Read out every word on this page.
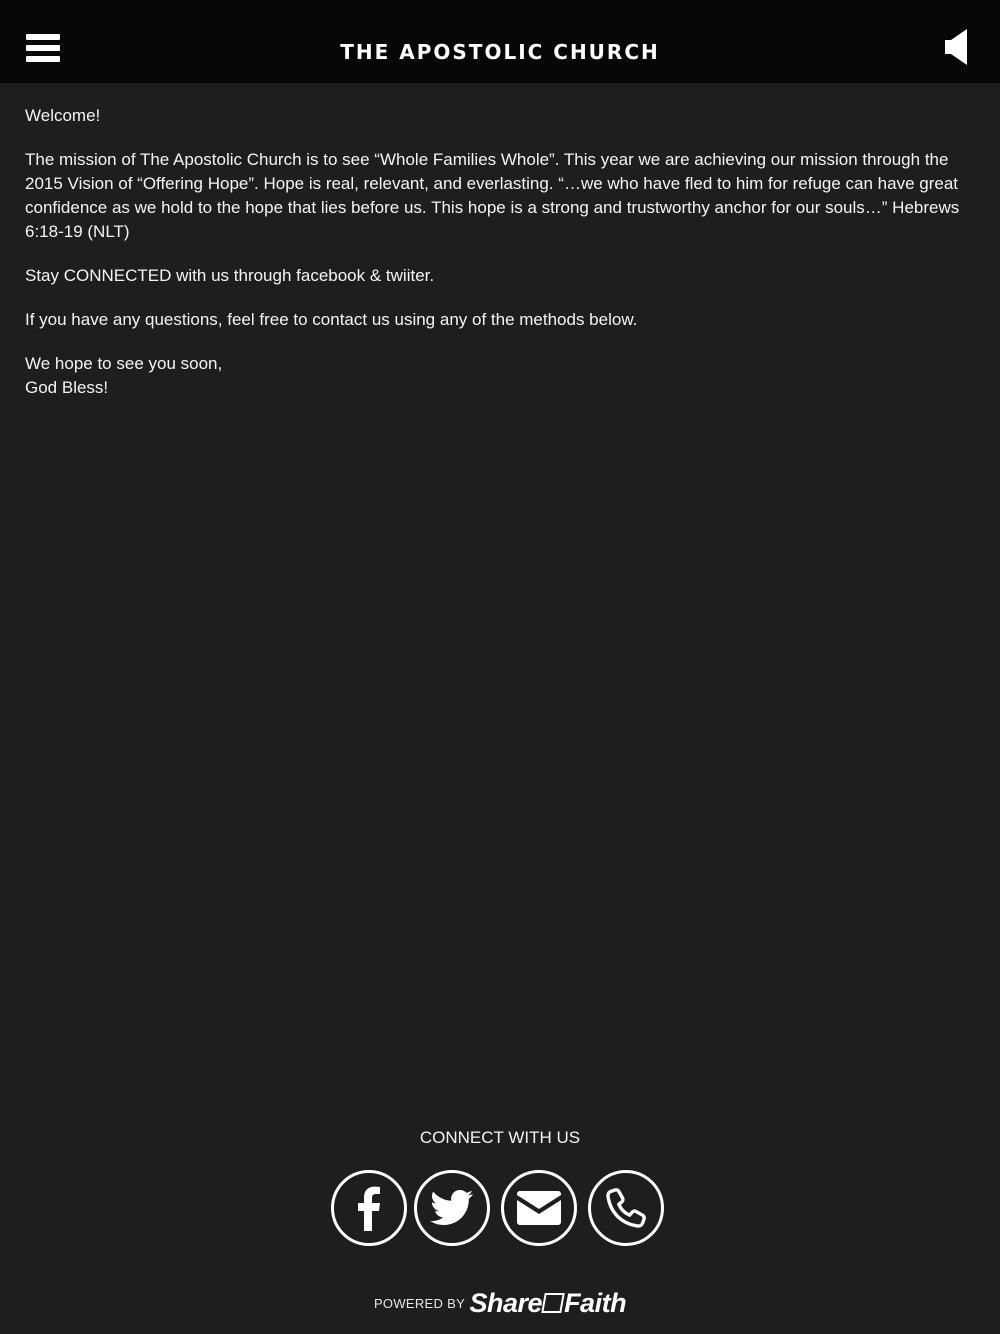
THE APOSTOLIC CHURCH

Welcome!

The mission of The Apostolic Church is to see “Whole Families Whole”. This year we are achieving our mission through the 2015 Vision of “Offering Hope”. Hope is real, relevant, and everlasting. “…we who have fled to him for refuge can have great confidence as we hold to the hope that lies before us. This hope is a strong and trustworthy anchor for our souls…” Hebrews 6:18-19 (NLT)

Stay CONNECTED with us through facebook & twiiter.

If you have any questions, feel free to contact us using any of the methods below.

We hope to see you soon,
God Bless!

CONNECT WITH US
POWERED BY Share Faith
